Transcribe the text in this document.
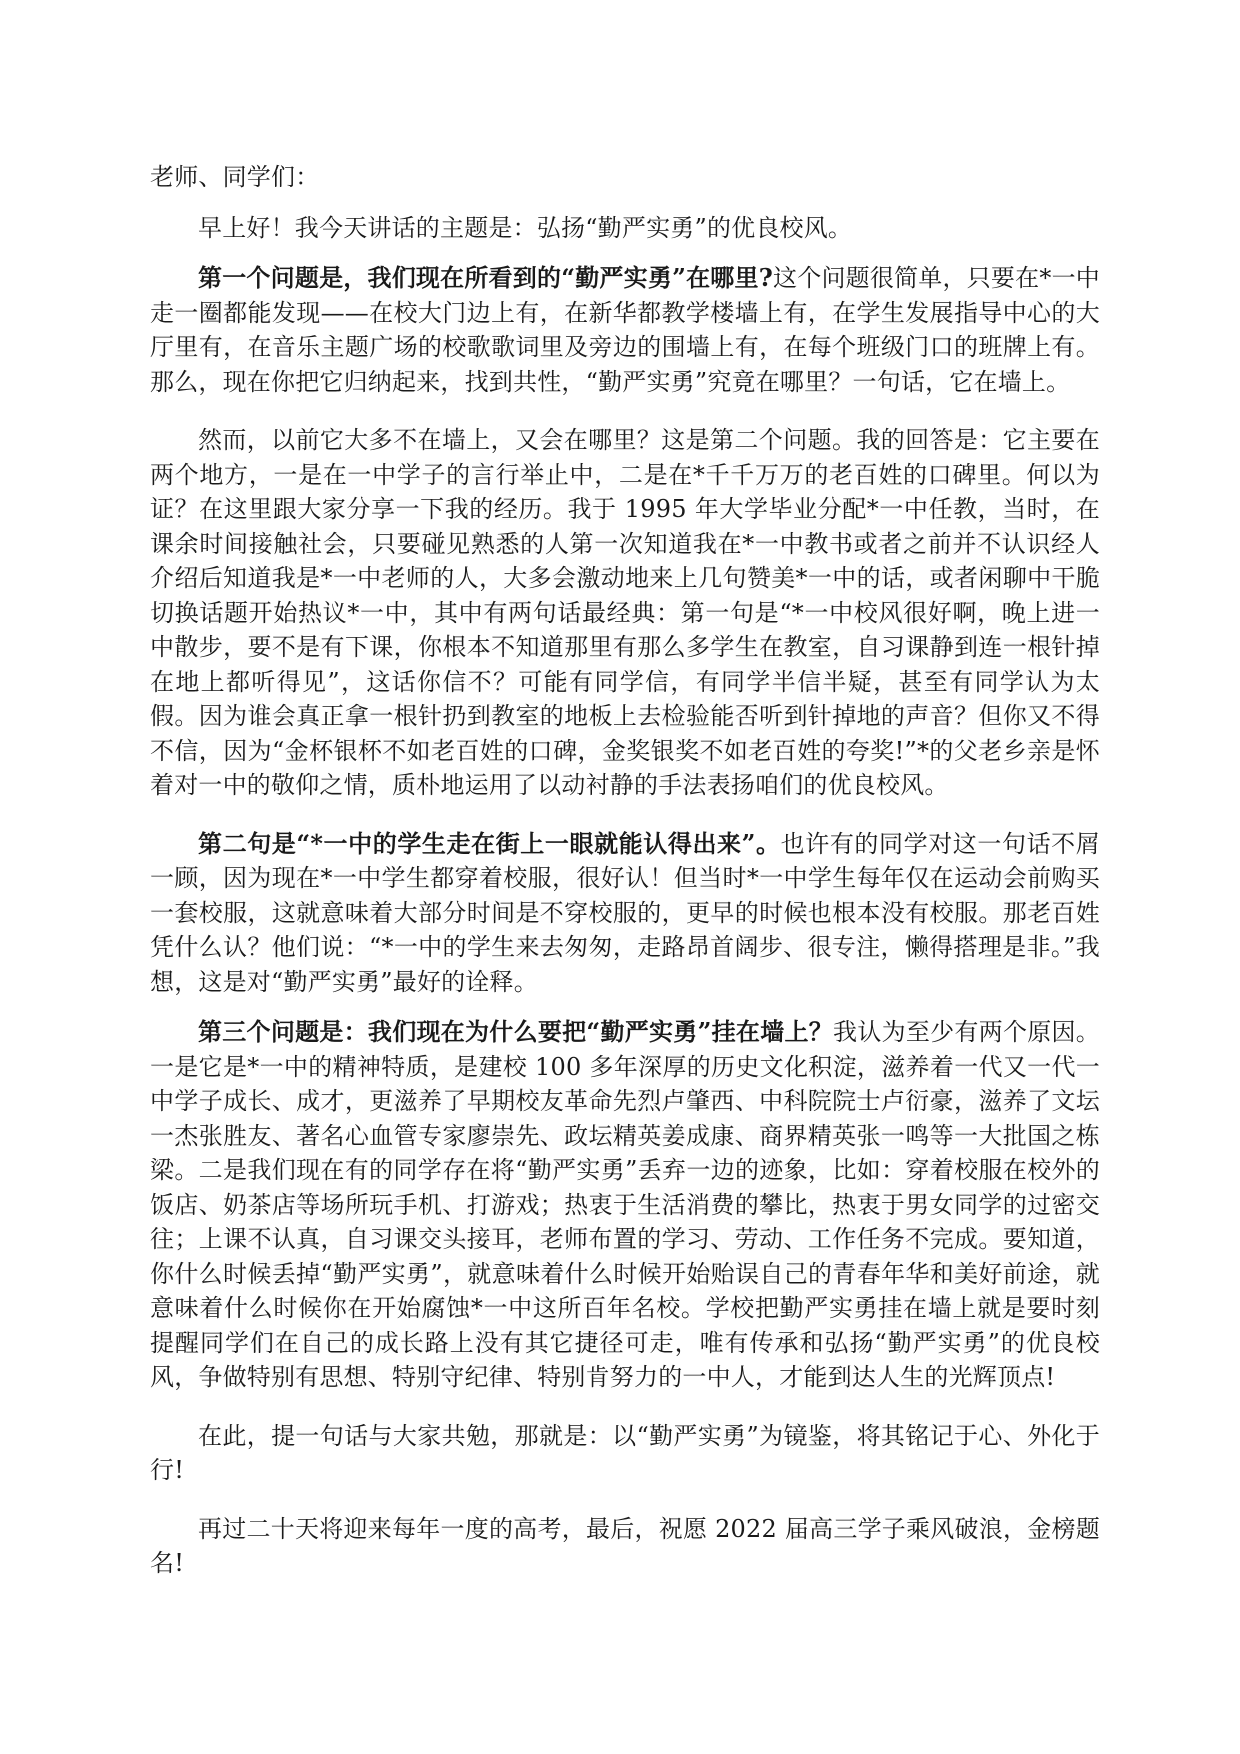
老师、同学们：

早上好！我今天讲话的主题是：弘扬“勤严实勇”的优良校风。

第一个问题是，我们现在所看到的“勤严实勇”在哪里?这个问题很简单，只要在*一中走一圈都能发现——在校大门边上有，在新华都教学楼墙上有，在学生发展指导中心的大厅里有，在音乐主题广场的校歌歌词里及旁边的围墙上有，在每个班级门口的班牌上有。那么，现在你把它归纳起来，找到共性，“勤严实勇”究竟在哪里？一句话，它在墙上。

然而，以前它大多不在墙上，又会在哪里？这是第二个问题。我的回答是：它主要在两个地方，一是在一中学子的言行举止中，二是在*千千万万的老百姓的口碑里。何以为证？在这里跟大家分享一下我的经历。我于 1995 年大学毕业分配*一中任教，当时，在课余时间接触社会，只要碰见熟悉的人第一次知道我在*一中教书或者之前并不认识经人介绍后知道我是*一中老师的人，大多会激动地来上几句赞美*一中的话，或者闲聊中干脆切换话题开始热议*一中，其中有两句话最经典：第一句是“*一中校风很好啊，晚上进一中散步，要不是有下课，你根本不知道那里有那么多学生在教室，自习课静到连一根针掉在地上都听得见”，这话你信不？可能有同学信，有同学半信半疑，甚至有同学认为太假。因为谁会真正拿一根针扔到教室的地板上去检验能否听到针掉地的声音？但你又不得不信，因为“金杯银杯不如老百姓的口碑，金奖银奖不如老百姓的夸奖!”*的父老乡亲是怀着对一中的敬仰之情，质朴地运用了以动衬静的手法表扬咱们的优良校风。

第二句是“*一中的学生走在街上一眼就能认得出来”。也许有的同学对这一句话不屑一顾，因为现在*一中学生都穿着校服，很好认！但当时*一中学生每年仅在运动会前购买一套校服，这就意味着大部分时间是不穿校服的，更早的时候也根本没有校服。那老百姓凭什么认？他们说：“*一中的学生来去匆匆，走路昂首阔步、很专注，懒得搭理是非。”我想，这是对“勤严实勇”最好的诠释。

第三个问题是：我们现在为什么要把“勤严实勇”挂在墙上？我认为至少有两个原因。一是它是*一中的精神特质，是建校 100 多年深厚的历史文化积淀，滋养着一代又一代一中学子成长、成才，更滋养了早期校友革命先烈卢肇西、中科院院士卢衍豪，滋养了文坛一杰张胜友、著名心血管专家廖崇先、政坛精英姜成康、商界精英张一鸣等一大批国之栋梁。二是我们现在有的同学存在将“勤严实勇”丢弃一边的迹象，比如：穿着校服在校外的饭店、奶茶店等场所玩手机、打游戏；热衷于生活消费的攀比，热衷于男女同学的过密交往；上课不认真，自习课交头接耳，老师布置的学习、劳动、工作任务不完成。要知道，你什么时候丢掉“勤严实勇”，就意味着什么时候开始贻误自己的青春年华和美好前途，就意味着什么时候你在开始腐蚀*一中这所百年名校。学校把勤严实勇挂在墙上就是要时刻提醒同学们在自己的成长路上没有其它捷径可走，唯有传承和弘扬“勤严实勇”的优良校风，争做特别有思想、特别守纪律、特别肯努力的一中人，才能到达人生的光辉顶点!

在此，提一句话与大家共勉，那就是：以“勤严实勇”为镜鉴，将其铭记于心、外化于行!

再过二十天将迎来每年一度的高考，最后，祝愿 2022 届高三学子乘风破浪，金榜题名!
